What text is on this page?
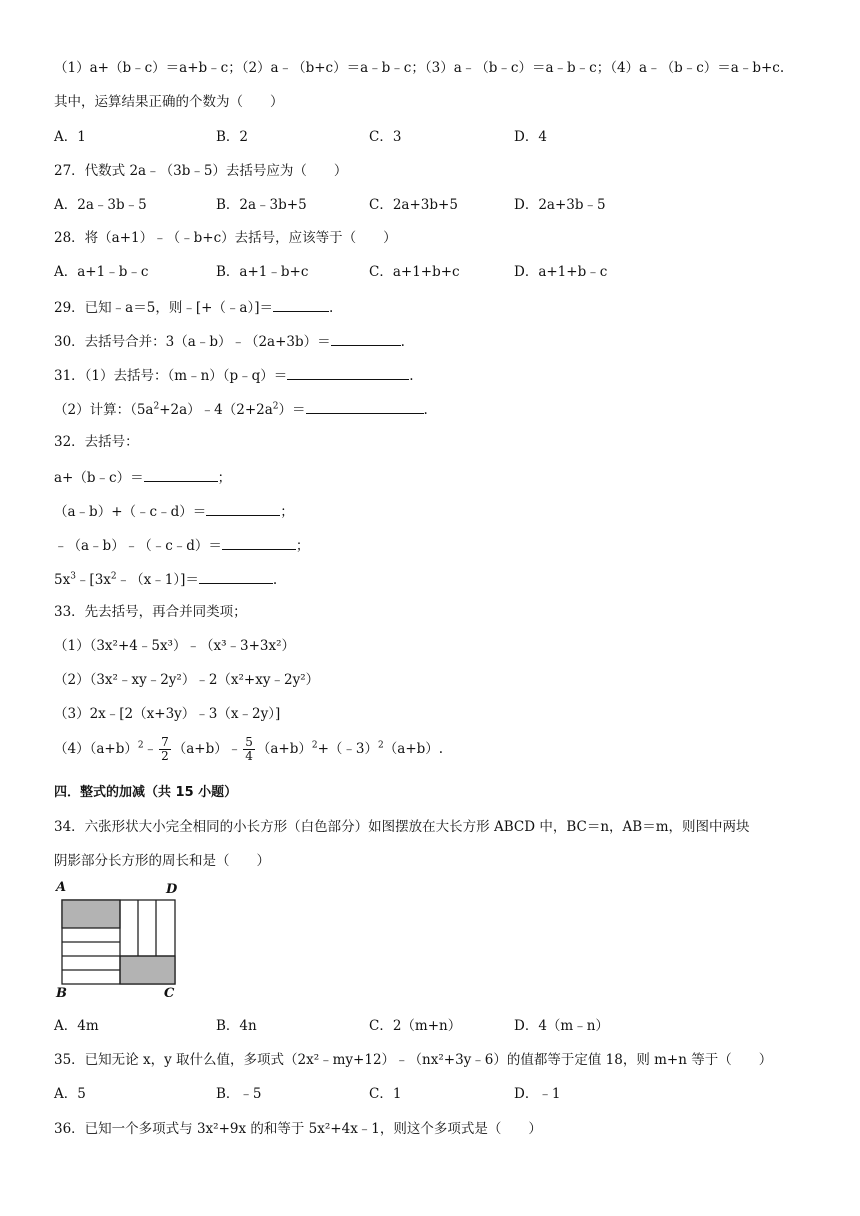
（1）a+（b﹣c）＝a+b﹣c；（2）a﹣（b+c）＝a﹣b﹣c；（3）a﹣（b﹣c）＝a﹣b﹣c；（4）a﹣（b﹣c）＝a﹣b+c.
其中，运算结果正确的个数为（　　）
A．1	B．2	C．3	D．4
27．代数式 2a﹣（3b﹣5）去括号应为（　　）
A．2a﹣3b﹣5	B．2a﹣3b+5	C．2a+3b+5	D．2a+3b﹣5
28．将（a+1）﹣（﹣b+c）去括号，应该等于（　　）
A．a+1﹣b﹣c	B．a+1﹣b+c	C．a+1+b+c	D．a+1+b﹣c
29．已知﹣a＝5，则﹣[+（﹣a）]＝	.
30．去括号合并：3（a﹣b）﹣（2a+3b）＝	.
31．（1）去括号：（m﹣n）（p﹣q）＝	.
（2）计算：$(5a^2+2a)﹣4(2+2a^2)=$	.
32．去括号：
a+（b﹣c）＝	；
（a﹣b）+（﹣c﹣d）＝	；
﹣（a﹣b）﹣（﹣c﹣d）＝	；
$5x^3﹣[3x^2﹣(x﹣1)]=$	.
33．先去括号，再合并同类项；
（1）（3x²+4﹣5x³）﹣（x³﹣3+3x²）
（2）（3x²﹣xy﹣2y²）﹣2（x²+xy﹣2y²）
（3）2x﹣[2（x+3y）﹣3（x﹣2y）]
$(4)(a+b)^2﹣ \frac{7}{2}$ （a+b）﹣ $\frac{5}{4}$ $(a+b)^2+(﹣3)^2(a+b)$.
四．整式的加减（共 15 小题）
34．六张形状大小完全相同的小长方形（白色部分）如图摆放在大长方形 ABCD 中，BC＝n，AB＝m，则图中两块
阴影部分长方形的周长和是（　　）
A	D
B	C
A．4m	B．4n	C．2（m+n）	D．4（m﹣n）
35．已知无论 x，y 取什么值，多项式（2x²﹣my+12）﹣（nx²+3y﹣6）的值都等于定值 18，则 m+n 等于（　　）
A．5	B．﹣5	C．1	D．﹣1
36．已知一个多项式与 3x²+9x 的和等于 5x²+4x﹣1，则这个多项式是（　　）
